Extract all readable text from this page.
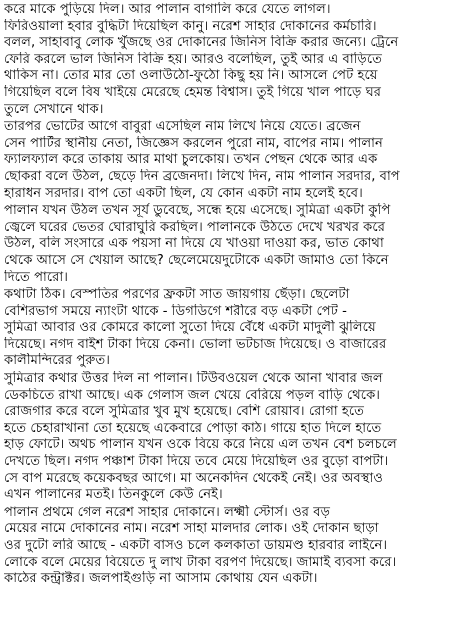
করে মাকে পুড়িয়ে দিল। আর পালান বাগালি করে যেতে লাগল।
ফিরিওয়ালা হবার বুদ্ধিটা দিয়েছিল কানু। নরেশ সাহার দোকানের কর্মচারি।
বলল, সাহাবাবু লোক খুঁজছে ওর দোকানের জিনিস বিক্রি করার জন্যে। ট্রেনে
ফেরি করলে ভাল জিনিস বিক্রি হয়। আরও বলেছিল, তুই আর এ বাড়িতে
থাকিস না। তোর মার তো ওলাউঠো-ফুঠো কিছু হয় নি। আসলে পেট হয়ে
গিয়েছিল বলে বিষ খাইয়ে মেরেছে হেমন্ত বিশ্বাস। তুই গিয়ে খাল পাড়ে ঘর
তুলে সেখানে থাক।
তারপর ভোটের আগে বাবুরা এসেছিল নাম লিখে নিয়ে যেতে। ব্রজেন
সেন পার্টির স্থানীয় নেতা, জিজ্ঞেস করলেন পুরো নাম, বাপের নাম। পালান
ফ্যালফ্যাল করে তাকায় আর মাথা চুলকোয়। তখন পেছন থেকে আর এক
ছোকরা বলে উঠল, ছেড়ে দিন ব্রজেনদা। লিখে দিন, নাম পালান সরদার, বাপ
হারাধন সরদার। বাপ তো একটা ছিল, যে কোন একটা নাম হলেই হবে।
পালান যখন উঠল তখন সূর্য ডুবেছে, সন্ধে হয়ে এসেছে। সুমিত্রা একটা কুপি
জ্বেলে ঘরের ভেতর ঘোরাঘুরি করছিল। পালানকে উঠতে দেখে খরখর করে
উঠল, বলি সংসারে এক পয়সা না দিয়ে যে খাওয়া দাওয়া কর, ভাত কোথা
থেকে আসে সে খেয়াল আছে? ছেলেমেয়েদুটোকে একটা জামাও তো কিনে
দিতে পারো।
কথাটা ঠিক। বেস্পতির পরণের ফ্রকটা সাত জায়গায় ছেঁড়া। ছেলেটা
বেশিরভাগ সময়ে ন্যাংটা থাকে - ডিগডিগে শরীরে বড় একটা পেট -
সুমিত্রা আবার ওর কোমরে কালো সুতো দিয়ে বেঁধে একটা মাদুলী ঝুলিয়ে
দিয়েছে। নগদ বাইশ টাকা দিয়ে কেনা। ভোলা ভটচাজ দিয়েছে। ও বাজারের
কালীমন্দিরের পুরুত।
সুমিত্রার কথার উত্তর দিল না পালান। টিউবওয়েল থেকে আনা খাবার জল
ডেকচিতে রাখা আছে। এক গেলাস জল খেয়ে বেরিয়ে পড়ল বাড়ি থেকে।
রোজগার করে বলে সুমিত্রার খুব মুখ হয়েছে। বেশি রোয়াব। রোগা হতে
হতে চেহারাখানা তো হয়েছে একেবারে পোড়া কাঠ। গায়ে হাত দিলে হাতে
হাড় ফোটে। অথচ পালান যখন ওকে বিয়ে করে নিয়ে এল তখন বেশ চলচলে
দেখতে ছিল। নগদ পঞ্চাশ টাকা দিয়ে তবে মেয়ে দিয়েছিল ওর বুড়ো বাপটা।
সে বাপ মরেছে কয়েকবছর আগে। মা অনেকদিন থেকেই নেই। ওর অবস্থাও
এখন পালানের মতই। তিনকুলে কেউ নেই।
পালান প্রথমে গেল নরেশ সাহার দোকানে। লক্ষ্মী স্টোর্স। ওর বড়
মেয়ের নামে দোকানের নাম। নরেশ সাহা মালদার লোক। ওই দোকান ছাড়া
ওর দুটো লরি আছে - একটা বাসও চলে কলকাতা ডায়মণ্ড হারবার লাইনে।
লোকে বলে মেয়ের বিয়েতে দু লাখ টাকা বরপণ দিয়েছে। জামাই ব্যবসা করে।
কাঠের কন্ট্রাক্টর। জলপাইগুড়ি না আসাম কোথায় যেন একটা।
